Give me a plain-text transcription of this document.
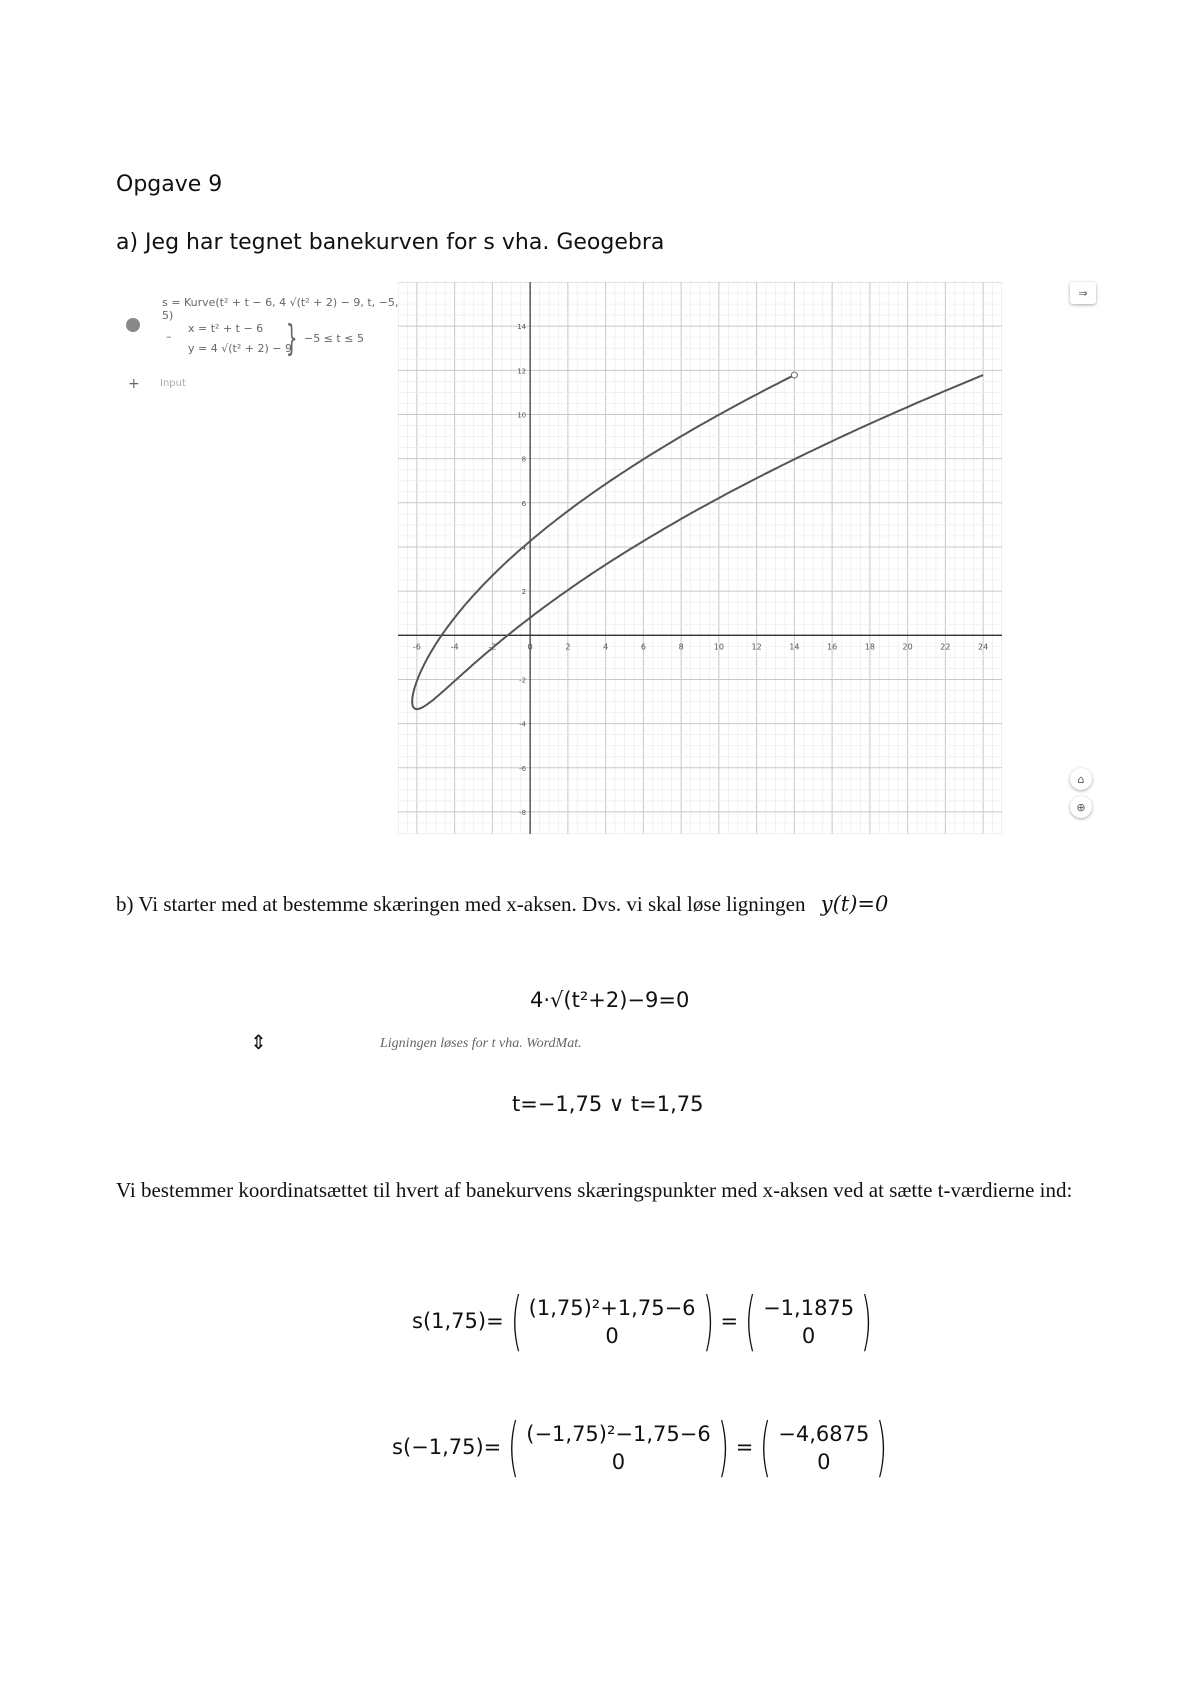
Opgave 9
a) Jeg har tegnet banekurven for s vha. Geogebra
s = Kurve(t² + t − 6, 4 √(t² + 2) − 9, t, −5, 5)
–
x = t² + t − 6
y = 4 √(t² + 2) − 9
} −5 ≤ t ≤ 5
+ Input
-6	-4	-2	0	2	4	6	8	10	12	14	16	18	20	22	24
14
12
10
8
6
4
2
-2
-4
-6
-8
⇒
⌂
⊕
b) Vi starter med at bestemme skæringen med x-aksen. Dvs. vi skal løse ligningen y(t)=0
4·√(t²+2)−9=0
⇕	Ligningen løses for t vha. WordMat.
t=−1,75 ∨ t=1,75
Vi bestemmer koordinatsættet til hvert af banekurvens skæringspunkter med x-aksen ved at sætte t-værdierne ind:
s(1,75)= ( (1,75)²+1,75−6
0 ) = ( −1,1875
0 )
s(−1,75)= ( (−1,75)²−1,75−6
0 ) = ( −4,6875
0 )
